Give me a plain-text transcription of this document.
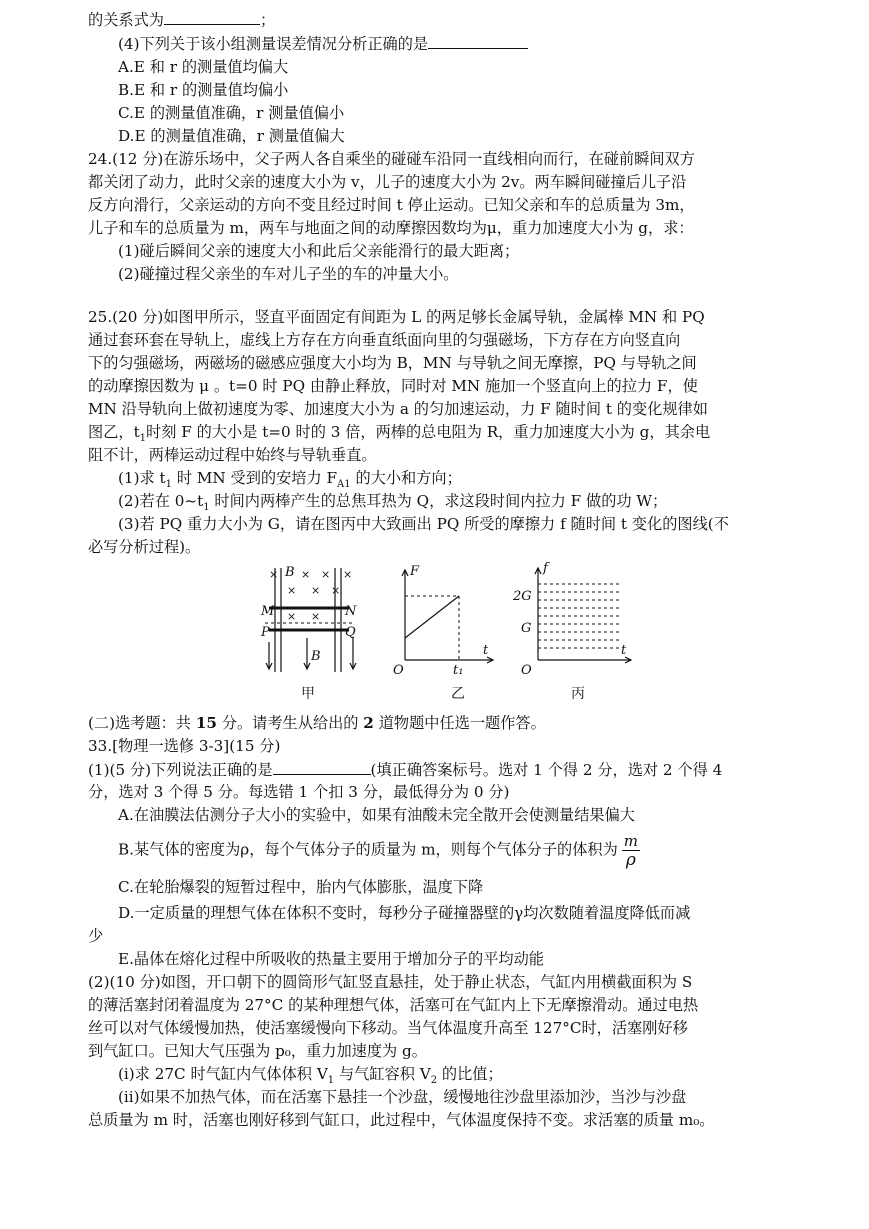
的关系式为	；
(4)下列关于该小组测量误差情况分析正确的是
A.E 和 r 的测量值均偏大
B.E 和 r 的测量值均偏小
C.E 的测量值准确，r 测量值偏小
D.E 的测量值准确，r 测量值偏大
24.(12 分)在游乐场中，父子两人各自乘坐的碰碰车沿同一直线相向而行，在碰前瞬间双方
都关闭了动力，此时父亲的速度大小为 v，儿子的速度大小为 2v。两车瞬间碰撞后儿子沿
反方向滑行，父亲运动的方向不变且经过时间 t 停止运动。已知父亲和车的总质量为 3m，
儿子和车的总质量为 m，两车与地面之间的动摩擦因数均为μ，重力加速度大小为 g，求：
(1)碰后瞬间父亲的速度大小和此后父亲能滑行的最大距离；
(2)碰撞过程父亲坐的车对儿子坐的车的冲量大小。
25.(20 分)如图甲所示，竖直平面固定有间距为 L 的两足够长金属导轨，金属棒 MN 和 PQ
通过套环套在导轨上，虚线上方存在方向垂直纸面向里的匀强磁场，下方存在方向竖直向
下的匀强磁场，两磁场的磁感应强度大小均为 B，MN 与导轨之间无摩擦，PQ 与导轨之间
的动摩擦因数为 μ 。t=0 时 PQ 由静止释放，同时对 MN 施加一个竖直向上的拉力 F，使
MN 沿导轨向上做初速度为零、加速度大小为 a 的匀加速运动，力 F 随时间 t 的变化规律如
图乙，$t_1$时刻 F 的大小是 t=0 时的 3 倍，两棒的总电阻为 R，重力加速度大小为 g，其余电
阻不计，两棒运动过程中始终与导轨垂直。
(1)求 $t_1$ 时 MN 受到的安培力 $F_{A1}$ 的大小和方向；
(2)若在 $0\sim t_1$ 时间内两棒产生的总焦耳热为 Q，求这段时间内拉力 F 做的功 W；
(3)若 PQ 重力大小为 G，请在图丙中大致画出 PQ 所受的摩擦力 f 随时间 t 变化的图线(不
必写分析过程)。
× × × ×
× × ×
× ×
B
M	N
P	Q
B
甲
F
O
t
t₁
乙
f
O
t
2G
G
丙
(二)选考题：共 15 分。请考生从给出的 2 道物题中任选一题作答。
33.[物理一选修 3-3](15 分)
(1)(5 分)下列说法正确的是	(填正确答案标号。选对 1 个得 2 分，选对 2 个得 4
分，选对 3 个得 5 分。每选错 1 个扣 3 分，最低得分为 0 分)
A.在油膜法估测分子大小的实验中，如果有油酸未完全散开会使测量结果偏大
B.某气体的密度为ρ，每个气体分子的质量为 m，则每个气体分子的体积为 $\frac{m}{\rho}$
C.在轮胎爆裂的短暂过程中，胎内气体膨胀，温度下降
D.一定质量的理想气体在体积不变时，每秒分子碰撞器壁的γ均次数随着温度降低而减
少
E.晶体在熔化过程中所吸收的热量主要用于增加分子的平均动能
(2)(10 分)如图，开口朝下的圆筒形气缸竖直悬挂，处于静止状态，气缸内用横截面积为 S
的薄活塞封闭着温度为 27°C 的某种理想气体，活塞可在气缸内上下无摩擦滑动。通过电热
丝可以对气体缓慢加热，使活塞缓慢向下移动。当气体温度升高至 127°C时，活塞刚好移
到气缸口。已知大气压强为 p₀，重力加速度为 g。
(i)求 27C 时气缸内气体体积 $V_1$ 与气缸容积 $V_2$ 的比值；
(ii)如果不加热气体，而在活塞下悬挂一个沙盘，缓慢地往沙盘里添加沙，当沙与沙盘
总质量为 m 时，活塞也刚好移到气缸口，此过程中，气体温度保持不变。求活塞的质量 m₀。
